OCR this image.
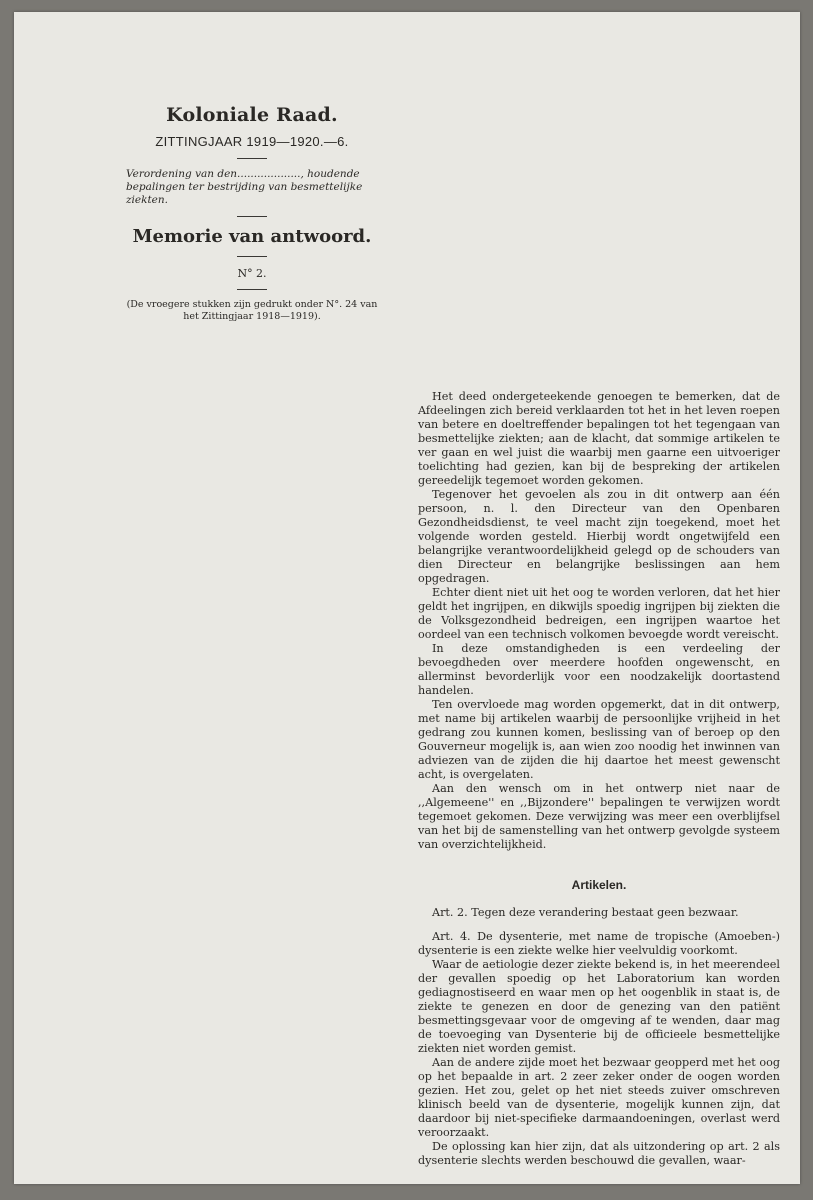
Koloniale Raad.
ZITTINGJAAR 1919—1920.—6.
Verordening van den..................., houdende bepalingen ter bestrijding van besmettelijke ziekten.
Memorie van antwoord.
N° 2.
(De vroegere stukken zijn gedrukt onder N°. 24 van het Zittingjaar 1918—1919).

Het deed ondergeteekende genoegen te bemerken, dat de Afdeelingen zich bereid verklaarden tot het in het leven roepen van betere en doeltreffender bepalingen tot het tegengaan van besmettelijke ziekten; aan de klacht, dat sommige artikelen te ver gaan en wel juist die waarbij men gaarne een uitvoeriger toelichting had gezien, kan bij de bespreking der artikelen gereedelijk tegemoet worden gekomen.

Tegenover het gevoelen als zou in dit ontwerp aan één persoon, n. l. den Directeur van den Openbaren Gezondheidsdienst, te veel macht zijn toegekend, moet het volgende worden gesteld. Hierbij wordt ongetwijfeld een belangrijke verantwoordelijkheid gelegd op de schouders van dien Directeur en belangrijke beslissingen aan hem opgedragen.

Echter dient niet uit het oog te worden verloren, dat het hier geldt het ingrijpen, en dikwijls spoedig ingrijpen bij ziekten die de Volksgezondheid bedreigen, een ingrijpen waartoe het oordeel van een technisch volkomen bevoegde wordt vereischt.

In deze omstandigheden is een verdeeling der bevoegdheden over meerdere hoofden ongewenscht, en allerminst bevorderlijk voor een noodzakelijk doortastend handelen.

Ten overvloede mag worden opgemerkt, dat in dit ontwerp, met name bij artikelen waarbij de persoonlijke vrijheid in het gedrang zou kunnen komen, beslissing van of beroep op den Gouverneur mogelijk is, aan wien zoo noodig het inwinnen van adviezen van de zijden die hij daartoe het meest gewenscht acht, is overgelaten.

Aan den wensch om in het ontwerp niet naar de ,,Algemeene'' en ,,Bijzondere'' bepalingen te verwijzen wordt tegemoet gekomen. Deze verwijzing was meer een overblijfsel van het bij de samenstelling van het ontwerp gevolgde systeem van overzichtelijkheid.

Artikelen.

Art. 2. Tegen deze verandering bestaat geen bezwaar.

Art. 4. De dysenterie, met name de tropische (Amoeben-) dysenterie is een ziekte welke hier veelvuldig voorkomt.

Waar de aetiologie dezer ziekte bekend is, in het meerendeel der gevallen spoedig op het Laboratorium kan worden gediagnostiseerd en waar men op het oogenblik in staat is, de ziekte te genezen en door de genezing van den patiënt besmettingsgevaar voor de omgeving af te wenden, daar mag de toevoeging van Dysenterie bij de officieele besmettelijke ziekten niet worden gemist.

Aan de andere zijde moet het bezwaar geopperd met het oog op het bepaalde in art. 2 zeer zeker onder de oogen worden gezien. Het zou, gelet op het niet steeds zuiver omschreven klinisch beeld van de dysenterie, mogelijk kunnen zijn, dat daardoor bij niet-specifieke darmaandoeningen, overlast werd veroorzaakt.

De oplossing kan hier zijn, dat als uitzondering op art. 2 als dysenterie slechts werden beschouwd die gevallen, waar-
